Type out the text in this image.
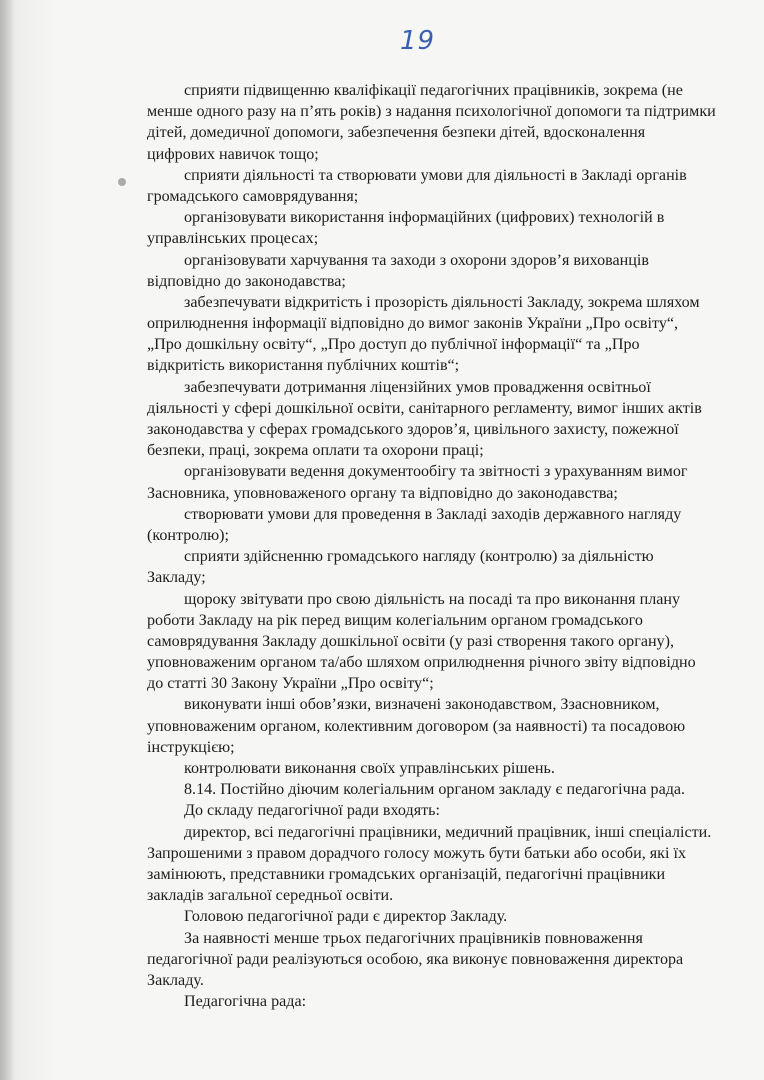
19
сприяти підвищенню кваліфікації педагогічних працівників, зокрема (не
менше одного разу на п’ять років) з надання психологічної допомоги та підтримки
дітей, домедичної допомоги, забезпечення безпеки дітей, вдосконалення
цифрових навичок тощо;
сприяти діяльності та створювати умови для діяльності в Закладі органів
громадського самоврядування;
організовувати використання інформаційних (цифрових) технологій в
управлінських процесах;
організовувати харчування та заходи з охорони здоров’я вихованців
відповідно до законодавства;
забезпечувати відкритість і прозорість діяльності Закладу, зокрема шляхом
оприлюднення інформації відповідно до вимог законів України „Про освіту“,
„Про дошкільну освіту“, „Про доступ до публічної інформації“ та „Про
відкритість використання публічних коштів“;
забезпечувати дотримання ліцензійних умов провадження освітньої
діяльності у сфері дошкільної освіти, санітарного регламенту, вимог інших актів
законодавства у сферах громадського здоров’я, цивільного захисту, пожежної
безпеки, праці, зокрема оплати та охорони праці;
організовувати ведення документообігу та звітності з урахуванням вимог
Засновника, уповноваженого органу та відповідно до законодавства;
створювати умови для проведення в Закладі заходів державного нагляду
(контролю);
сприяти здійсненню громадського нагляду (контролю) за діяльністю
Закладу;
щороку звітувати про свою діяльність на посаді та про виконання плану
роботи Закладу на рік перед вищим колегіальним органом громадського
самоврядування Закладу дошкільної освіти (у разі створення такого органу),
уповноваженим органом та/або шляхом оприлюднення річного звіту відповідно
до статті 30 Закону України „Про освіту“;
виконувати інші обов’язки, визначені законодавством, Ззасновником,
уповноваженим органом, колективним договором (за наявності) та посадовою
інструкцією;
контролювати виконання своїх управлінських рішень.
8.14. Постійно діючим колегіальним органом закладу є педагогічна рада.
До складу педагогічної ради входять:
директор, всі педагогічні працівники, медичний працівник, інші спеціалісти.
Запрошеними з правом дорадчого голосу можуть бути батьки або особи, які їх
замінюють, представники громадських організацій, педагогічні працівники
закладів загальної середньої освіти.
Головою педагогічної ради є директор Закладу.
За наявності менше трьох педагогічних працівників повноваження
педагогічної ради реалізуються особою, яка виконує повноваження директора
Закладу.
Педагогічна рада:
